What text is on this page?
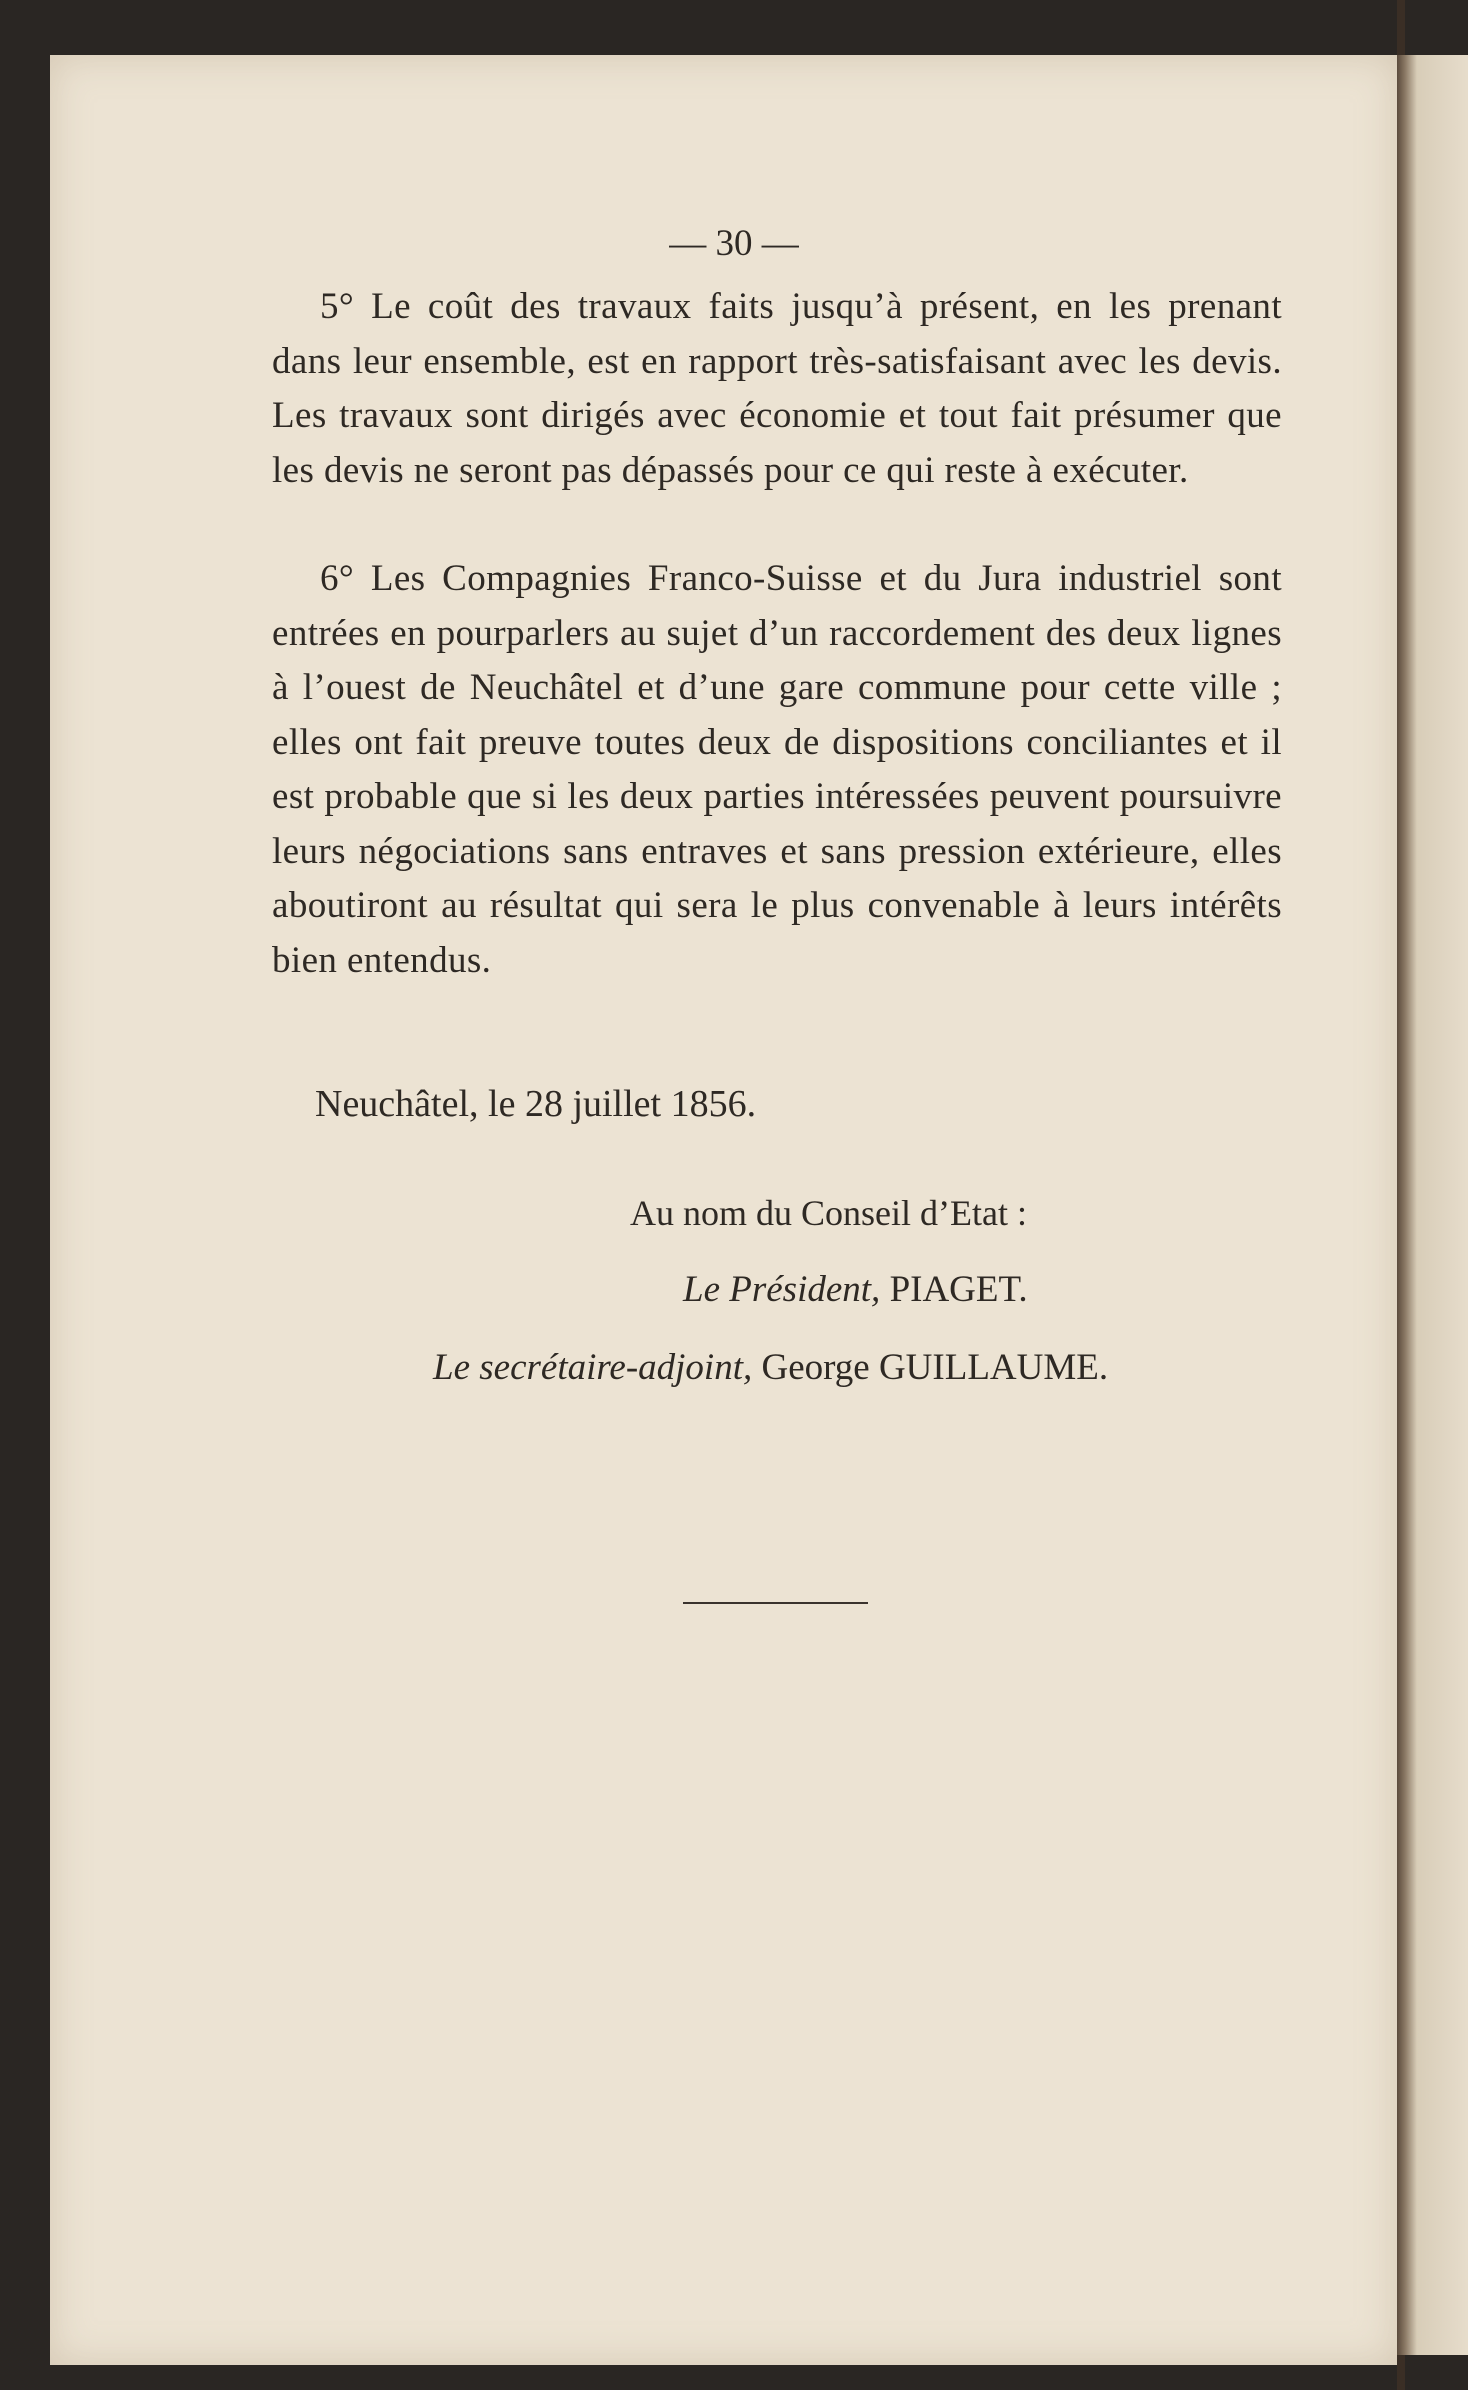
— 30 —

5° Le coût des travaux faits jusqu’à présent, en les prenant dans leur ensemble, est en rapport très-satisfaisant avec les devis. Les travaux sont dirigés avec économie et tout fait présumer que les devis ne seront pas dépassés pour ce qui reste à exécuter.

6° Les Compagnies Franco-Suisse et du Jura industriel sont entrées en pourparlers au sujet d’un raccordement des deux lignes à l’ouest de Neuchâtel et d’une gare commune pour cette ville ; elles ont fait preuve toutes deux de dispositions conciliantes et il est probable que si les deux parties intéressées peuvent poursuivre leurs négociations sans entraves et sans pression extérieure, elles aboutiront au résultat qui sera le plus convenable à leurs intérêts bien entendus.

Neuchâtel, le 28 juillet 1856.
Au nom du Conseil d’Etat :
Le Président, PIAGET.
Le secrétaire-adjoint, George GUILLAUME.
